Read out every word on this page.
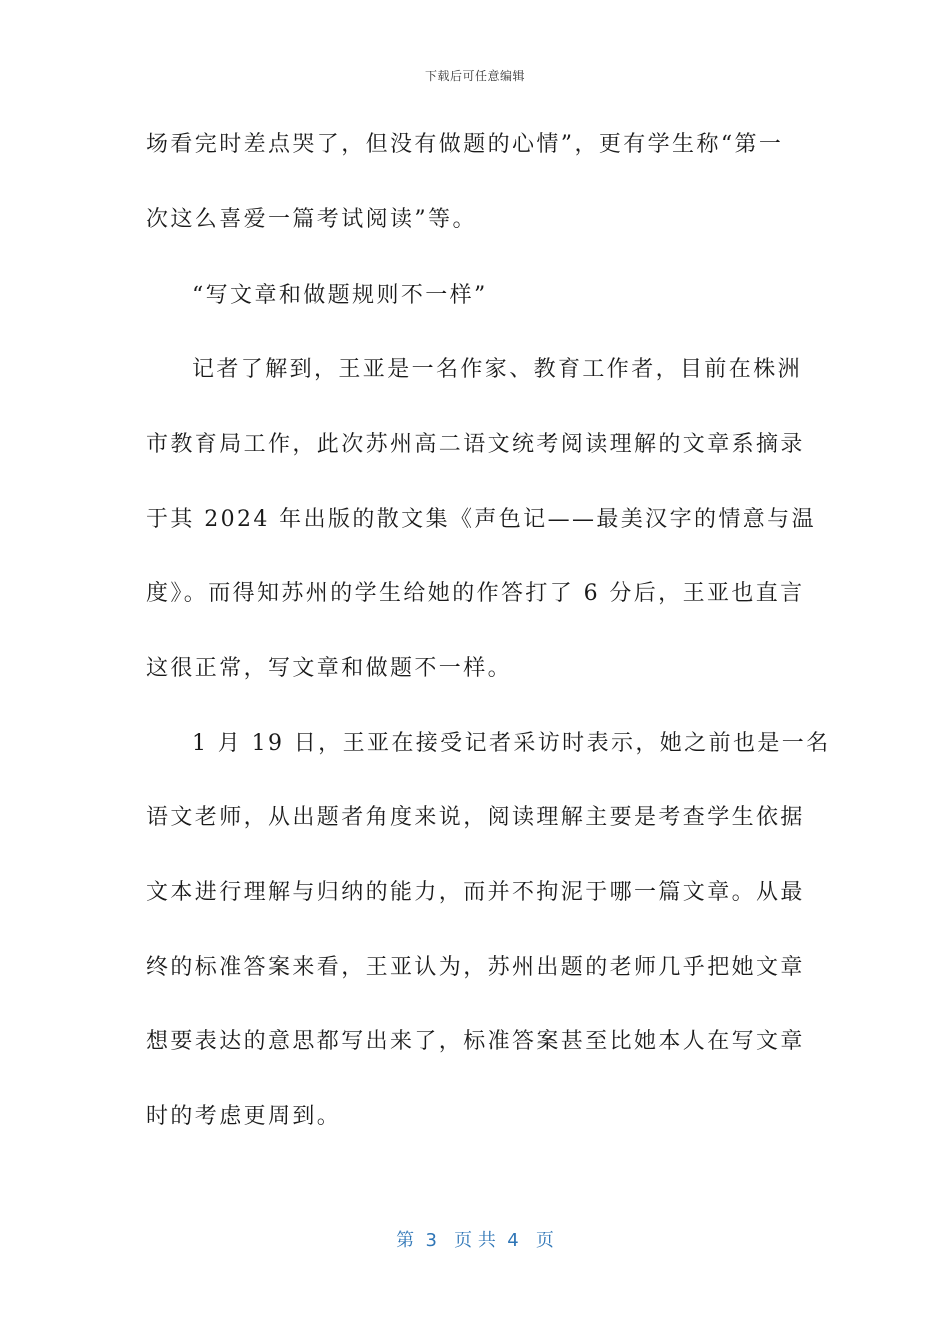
下载后可任意编辑
场看完时差点哭了，但没有做题的心情”，更有学生称“第一
次这么喜爱一篇考试阅读”等。
“写文章和做题规则不一样”
记者了解到，王亚是一名作家、教育工作者，目前在株洲
市教育局工作，此次苏州高二语文统考阅读理解的文章系摘录
于其 2024 年出版的散文集《声色记——最美汉字的情意与温
度》。而得知苏州的学生给她的作答打了 6 分后，王亚也直言
这很正常，写文章和做题不一样。
1 月 19 日，王亚在接受记者采访时表示，她之前也是一名
语文老师，从出题者角度来说，阅读理解主要是考查学生依据
文本进行理解与归纳的能力，而并不拘泥于哪一篇文章。从最
终的标准答案来看，王亚认为，苏州出题的老师几乎把她文章
想要表达的意思都写出来了，标准答案甚至比她本人在写文章
时的考虑更周到。
第  3   页 共  4   页
